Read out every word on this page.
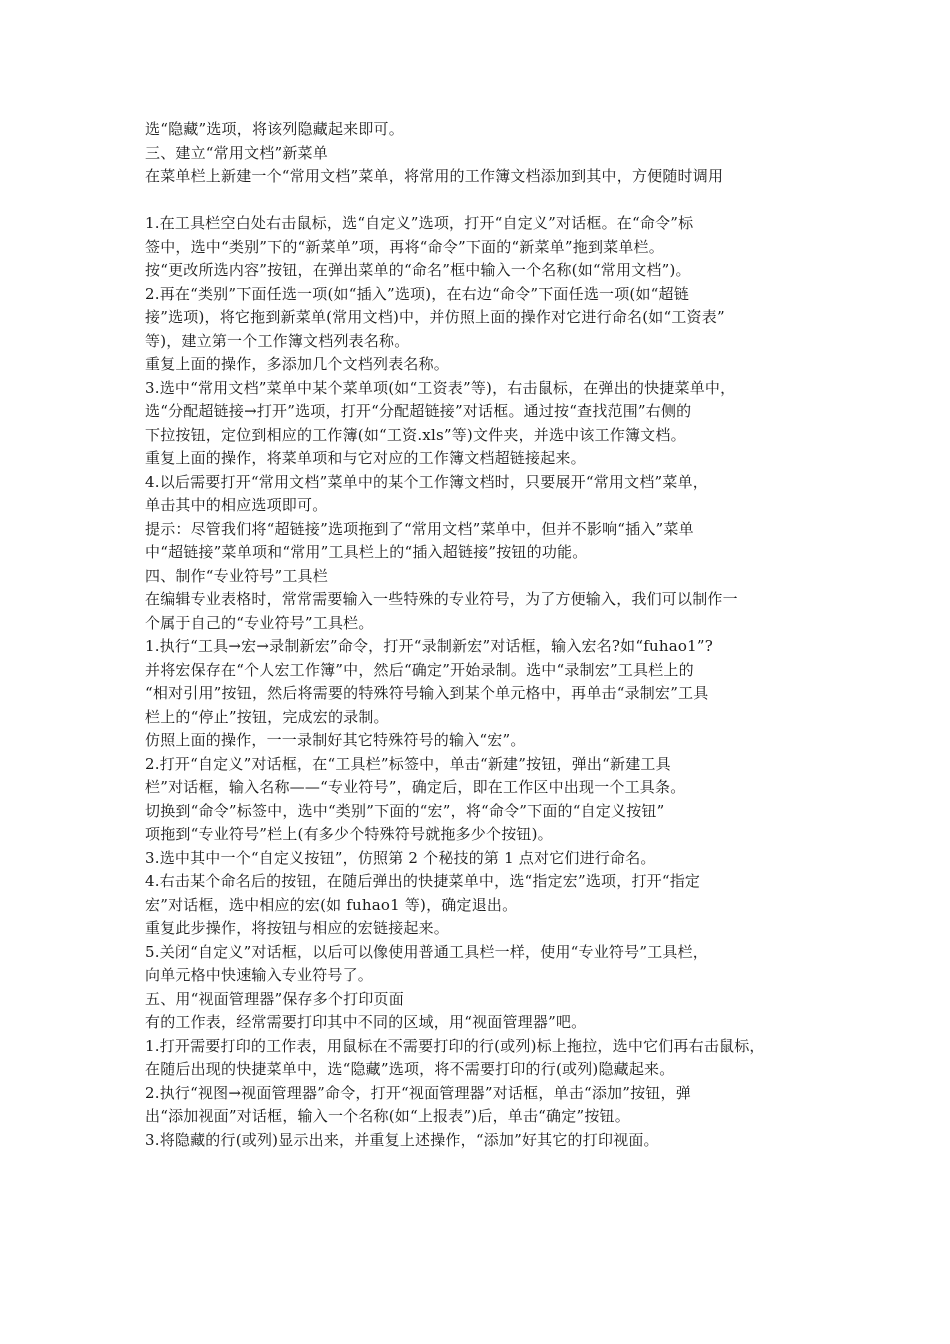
选“隐藏”选项，将该列隐藏起来即可。
三、建立“常用文档”新菜单
在菜单栏上新建一个“常用文档”菜单，将常用的工作簿文档添加到其中，方便随时调用
1.在工具栏空白处右击鼠标，选“自定义”选项，打开“自定义”对话框。在“命令”标
签中，选中“类别”下的“新菜单”项，再将“命令”下面的“新菜单”拖到菜单栏。
按“更改所选内容”按钮，在弹出菜单的“命名”框中输入一个名称(如“常用文档”)。
2.再在“类别”下面任选一项(如“插入”选项)，在右边“命令”下面任选一项(如“超链
接”选项)，将它拖到新菜单(常用文档)中，并仿照上面的操作对它进行命名(如“工资表”
等)，建立第一个工作簿文档列表名称。
重复上面的操作，多添加几个文档列表名称。
3.选中“常用文档”菜单中某个菜单项(如“工资表”等)，右击鼠标，在弹出的快捷菜单中，
选“分配超链接→打开”选项，打开“分配超链接”对话框。通过按“查找范围”右侧的
下拉按钮，定位到相应的工作簿(如“工资.xls”等)文件夹，并选中该工作簿文档。
重复上面的操作，将菜单项和与它对应的工作簿文档超链接起来。
4.以后需要打开“常用文档”菜单中的某个工作簿文档时，只要展开“常用文档”菜单，
单击其中的相应选项即可。
提示：尽管我们将“超链接”选项拖到了“常用文档”菜单中，但并不影响“插入”菜单
中“超链接”菜单项和“常用”工具栏上的“插入超链接”按钮的功能。
四、制作“专业符号”工具栏
在编辑专业表格时，常常需要输入一些特殊的专业符号，为了方便输入，我们可以制作一
个属于自己的“专业符号”工具栏。
1.执行“工具→宏→录制新宏”命令，打开“录制新宏”对话框，输入宏名?如“fuhao1”?
并将宏保存在“个人宏工作簿”中，然后“确定”开始录制。选中“录制宏”工具栏上的
“相对引用”按钮，然后将需要的特殊符号输入到某个单元格中，再单击“录制宏”工具
栏上的“停止”按钮，完成宏的录制。
仿照上面的操作，一一录制好其它特殊符号的输入“宏”。
2.打开“自定义”对话框，在“工具栏”标签中，单击“新建”按钮，弹出“新建工具
栏”对话框，输入名称——“专业符号”，确定后，即在工作区中出现一个工具条。
切换到“命令”标签中，选中“类别”下面的“宏”，将“命令”下面的“自定义按钮”
项拖到“专业符号”栏上(有多少个特殊符号就拖多少个按钮)。
3.选中其中一个“自定义按钮”，仿照第 2 个秘技的第 1 点对它们进行命名。
4.右击某个命名后的按钮，在随后弹出的快捷菜单中，选“指定宏”选项，打开“指定
宏”对话框，选中相应的宏(如 fuhao1 等)，确定退出。
重复此步操作，将按钮与相应的宏链接起来。
5.关闭“自定义”对话框，以后可以像使用普通工具栏一样，使用“专业符号”工具栏，
向单元格中快速输入专业符号了。
五、用“视面管理器”保存多个打印页面
有的工作表，经常需要打印其中不同的区域，用“视面管理器”吧。
1.打开需要打印的工作表，用鼠标在不需要打印的行(或列)标上拖拉，选中它们再右击鼠标，
在随后出现的快捷菜单中，选“隐藏”选项，将不需要打印的行(或列)隐藏起来。
2.执行“视图→视面管理器”命令，打开“视面管理器”对话框，单击“添加”按钮，弹
出“添加视面”对话框，输入一个名称(如“上报表”)后，单击“确定”按钮。
3.将隐藏的行(或列)显示出来，并重复上述操作，“添加”好其它的打印视面。
